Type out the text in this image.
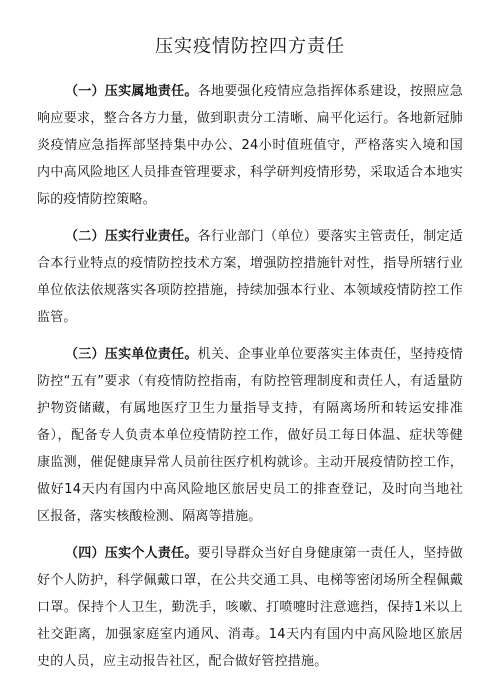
压实疫情防控四方责任

（一）压实属地责任。各地要强化疫情应急指挥体系建设，按照应急响应要求，整合各方力量，做到职责分工清晰、扁平化运行。各地新冠肺炎疫情应急指挥部坚持集中办公、24小时值班值守，严格落实入境和国内中高风险地区人员排查管理要求，科学研判疫情形势，采取适合本地实际的疫情防控策略。

（二）压实行业责任。各行业部门（单位）要落实主管责任，制定适合本行业特点的疫情防控技术方案，增强防控措施针对性，指导所辖行业单位依法依规落实各项防控措施，持续加强本行业、本领域疫情防控工作监管。

（三）压实单位责任。机关、企事业单位要落实主体责任，坚持疫情防控“五有”要求（有疫情防控指南，有防控管理制度和责任人，有适量防护物资储藏，有属地医疗卫生力量指导支持，有隔离场所和转运安排准备），配备专人负责本单位疫情防控工作，做好员工每日体温、症状等健康监测，催促健康异常人员前往医疗机构就诊。主动开展疫情防控工作，做好14天内有国内中高风险地区旅居史员工的排查登记，及时向当地社区报备，落实核酸检测、隔离等措施。

（四）压实个人责任。要引导群众当好自身健康第一责任人，坚持做好个人防护，科学佩戴口罩，在公共交通工具、电梯等密闭场所全程佩戴口罩。保持个人卫生，勤洗手，咳嗽、打喷嚏时注意遮挡，保持1米以上社交距离，加强家庭室内通风、消毒。14天内有国内中高风险地区旅居史的人员，应主动报告社区，配合做好管控措施。
